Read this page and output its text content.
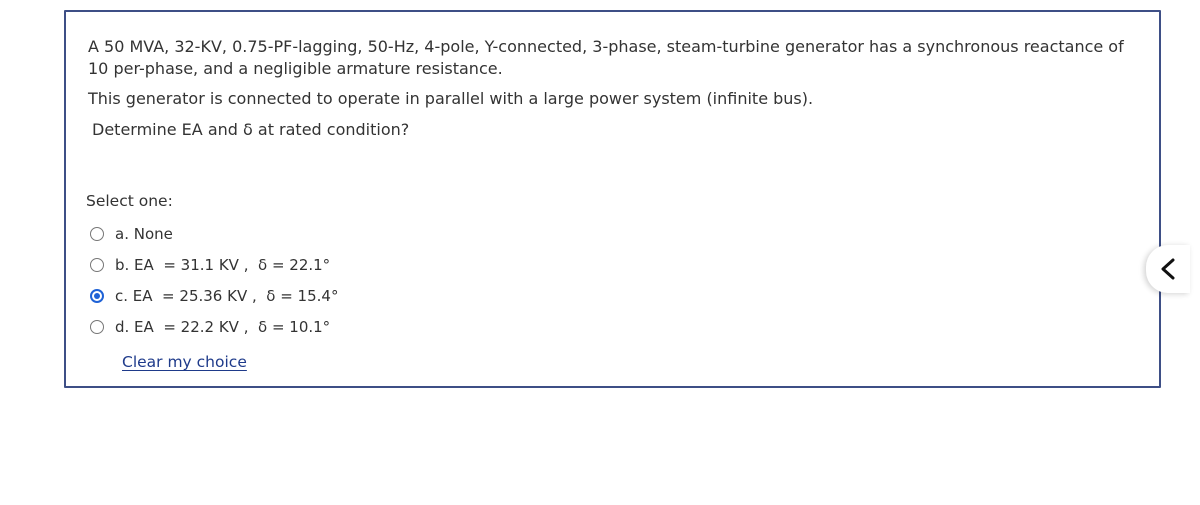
A 50 MVA, 32-KV, 0.75-PF-lagging, 50-Hz, 4-pole, Y-connected, 3-phase, steam-turbine generator has a synchronous reactance of 10 per-phase, and a negligible armature resistance.

This generator is connected to operate in parallel with a large power system (infinite bus).

Determine EA and δ at rated condition?

Select one:
a. None
b. EA  = 31.1 KV ,  δ = 22.1°
c. EA  = 25.36 KV ,  δ = 15.4°
d. EA  = 22.2 KV ,  δ = 10.1°
Clear my choice
